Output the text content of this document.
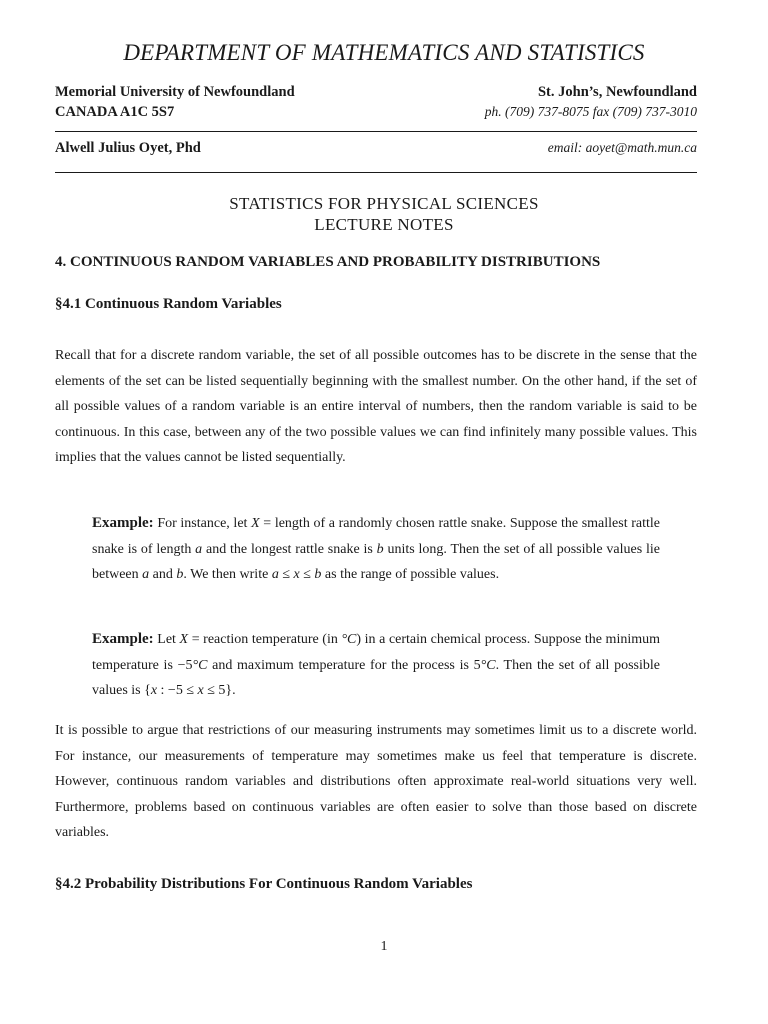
DEPARTMENT OF MATHEMATICS AND STATISTICS
Memorial University of Newfoundland	St. John’s, Newfoundland
CANADA A1C 5S7	ph. (709) 737-8075 fax (709) 737-3010
Alwell Julius Oyet, Phd	email: aoyet@math.mun.ca
STATISTICS FOR PHYSICAL SCIENCES
LECTURE NOTES
4. CONTINUOUS RANDOM VARIABLES AND PROBABILITY DISTRIBUTIONS
§4.1 Continuous Random Variables

Recall that for a discrete random variable, the set of all possible outcomes has to be discrete in the sense that the elements of the set can be listed sequentially beginning with the smallest number. On the other hand, if the set of all possible values of a random variable is an entire interval of numbers, then the random variable is said to be continuous. In this case, between any of the two possible values we can find infinitely many possible values. This implies that the values cannot be listed sequentially.

Example: For instance, let X = length of a randomly chosen rattle snake. Suppose the smallest rattle snake is of length a and the longest rattle snake is b units long. Then the set of all possible values lie between a and b. We then write a ≤ x ≤ b as the range of possible values.

Example: Let X = reaction temperature (in °C) in a certain chemical process. Suppose the minimum temperature is −5°C and maximum temperature for the process is 5°C. Then the set of all possible values is {x : −5 ≤ x ≤ 5}.

It is possible to argue that restrictions of our measuring instruments may sometimes limit us to a discrete world. For instance, our measurements of temperature may sometimes make us feel that temperature is discrete. However, continuous random variables and distributions often approximate real-world situations very well. Furthermore, problems based on continuous variables are often easier to solve than those based on discrete variables.

§4.2 Probability Distributions For Continuous Random Variables
1
